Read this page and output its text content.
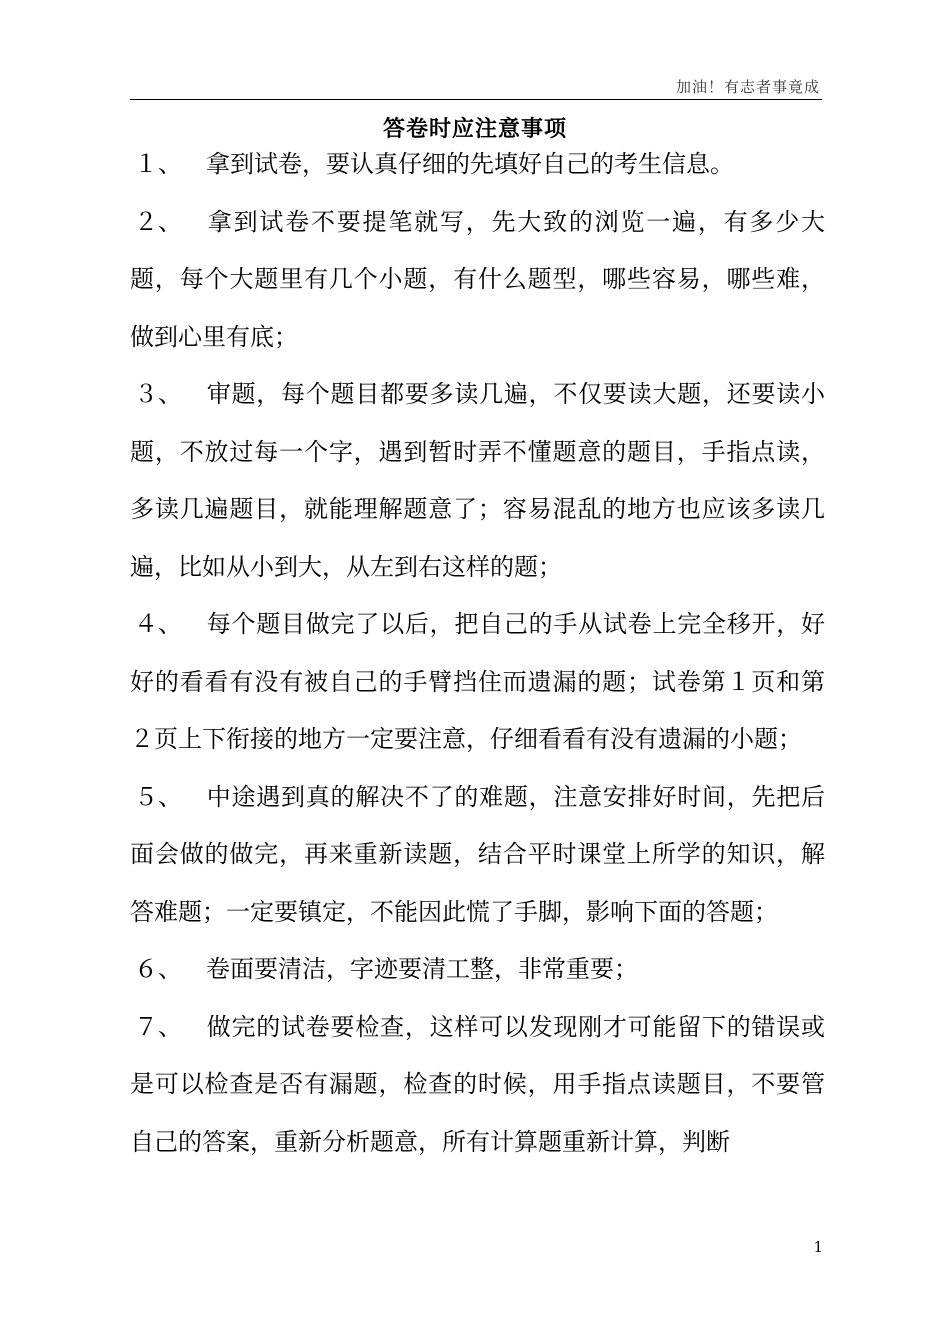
加油！有志者事竟成
答卷时应注意事项

１、 拿到试卷，要认真仔细的先填好自己的考生信息。

２、 拿到试卷不要提笔就写，先大致的浏览一遍，有多少大题，每个大题里有几个小题，有什么题型，哪些容易，哪些难，做到心里有底；

３、 审题，每个题目都要多读几遍，不仅要读大题，还要读小题，不放过每一个字，遇到暂时弄不懂题意的题目，手指点读，多读几遍题目，就能理解题意了；容易混乱的地方也应该多读几遍，比如从小到大，从左到右这样的题；

４、 每个题目做完了以后，把自己的手从试卷上完全移开，好好的看看有没有被自己的手臂挡住而遗漏的题；试卷第１页和第２页上下衔接的地方一定要注意，仔细看看有没有遗漏的小题；

５、 中途遇到真的解决不了的难题，注意安排好时间，先把后面会做的做完，再来重新读题，结合平时课堂上所学的知识，解答难题；一定要镇定，不能因此慌了手脚，影响下面的答题；

６、 卷面要清洁，字迹要清工整，非常重要；

７、 做完的试卷要检查，这样可以发现刚才可能留下的错误或是可以检查是否有漏题，检查的时候，用手指点读题目，不要管自己的答案，重新分析题意，所有计算题重新计算，判断

1
